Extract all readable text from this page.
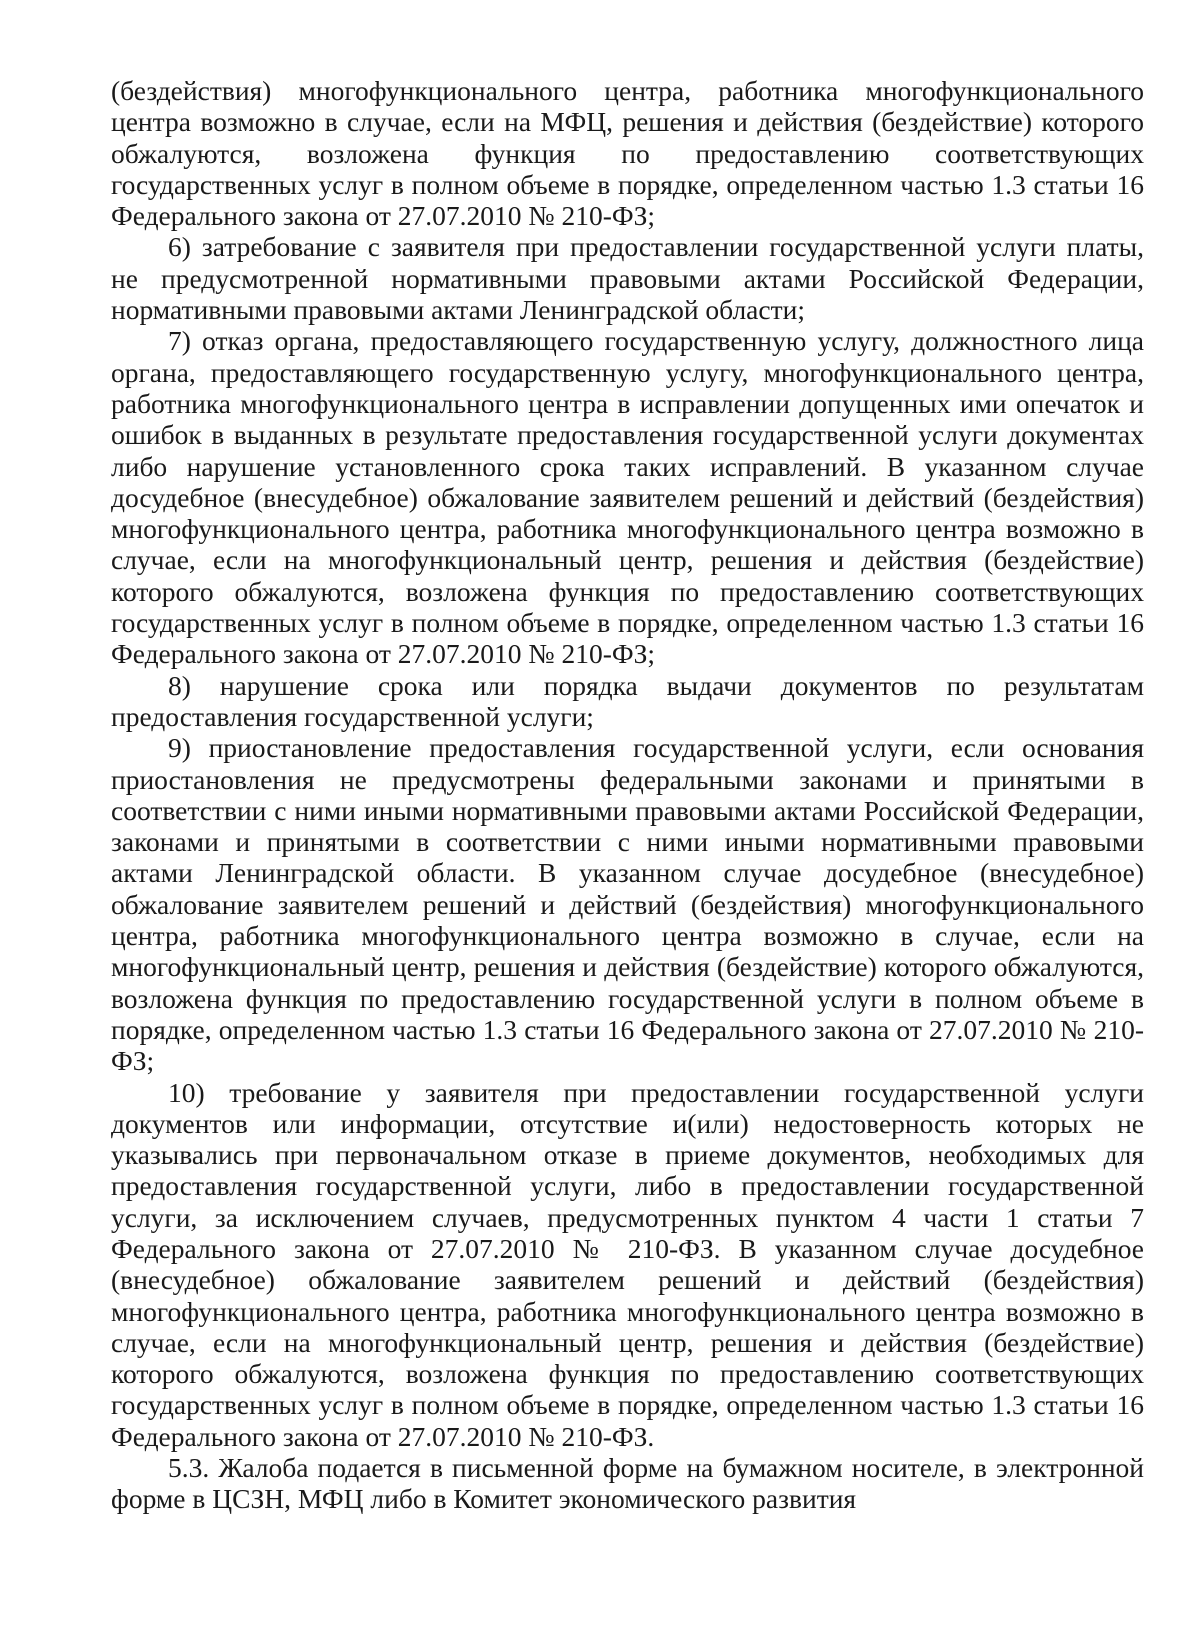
(бездействия) многофункционального центра, работника многофункционального центра возможно в случае, если на МФЦ, решения и действия (бездействие) которого обжалуются, возложена функция по предоставлению соответствующих государственных услуг в полном объеме в порядке, определенном частью 1.3 статьи 16 Федерального закона от 27.07.2010 № 210-ФЗ;

6) затребование с заявителя при предоставлении государственной услуги платы, не предусмотренной нормативными правовыми актами Российской Федерации, нормативными правовыми актами Ленинградской области;

7) отказ органа, предоставляющего государственную услугу, должностного лица органа, предоставляющего государственную услугу, многофункционального центра, работника многофункционального центра в исправлении допущенных ими опечаток и ошибок в выданных в результате предоставления государственной услуги документах либо нарушение установленного срока таких исправлений. В указанном случае досудебное (внесудебное) обжалование заявителем решений и действий (бездействия) многофункционального центра, работника многофункционального центра возможно в случае, если на многофункциональный центр, решения и действия (бездействие) которого обжалуются, возложена функция по предоставлению соответствующих государственных услуг в полном объеме в порядке, определенном частью 1.3 статьи 16 Федерального закона от 27.07.2010 № 210-ФЗ;

8) нарушение срока или порядка выдачи документов по результатам предоставления государственной услуги;

9) приостановление предоставления государственной услуги, если основания приостановления не предусмотрены федеральными законами и принятыми в соответствии с ними иными нормативными правовыми актами Российской Федерации, законами и принятыми в соответствии с ними иными нормативными правовыми актами Ленинградской области. В указанном случае досудебное (внесудебное) обжалование заявителем решений и действий (бездействия) многофункционального центра, работника многофункционального центра возможно в случае, если на многофункциональный центр, решения и действия (бездействие) которого обжалуются, возложена функция по предоставлению государственной услуги в полном объеме в порядке, определенном частью 1.3 статьи 16 Федерального закона от 27.07.2010 № 210-ФЗ;

10) требование у заявителя при предоставлении государственной услуги документов или информации, отсутствие и(или) недостоверность которых не указывались при первоначальном отказе в приеме документов, необходимых для предоставления государственной услуги, либо в предоставлении государственной услуги, за исключением случаев, предусмотренных пунктом 4 части 1 статьи 7 Федерального закона от 27.07.2010 № 210-ФЗ. В указанном случае досудебное (внесудебное) обжалование заявителем решений и действий (бездействия) многофункционального центра, работника многофункционального центра возможно в случае, если на многофункциональный центр, решения и действия (бездействие) которого обжалуются, возложена функция по предоставлению соответствующих государственных услуг в полном объеме в порядке, определенном частью 1.3 статьи 16 Федерального закона от 27.07.2010 № 210-ФЗ.

5.3. Жалоба подается в письменной форме на бумажном носителе, в электронной форме в ЦСЗН, МФЦ либо в Комитет экономического развития
